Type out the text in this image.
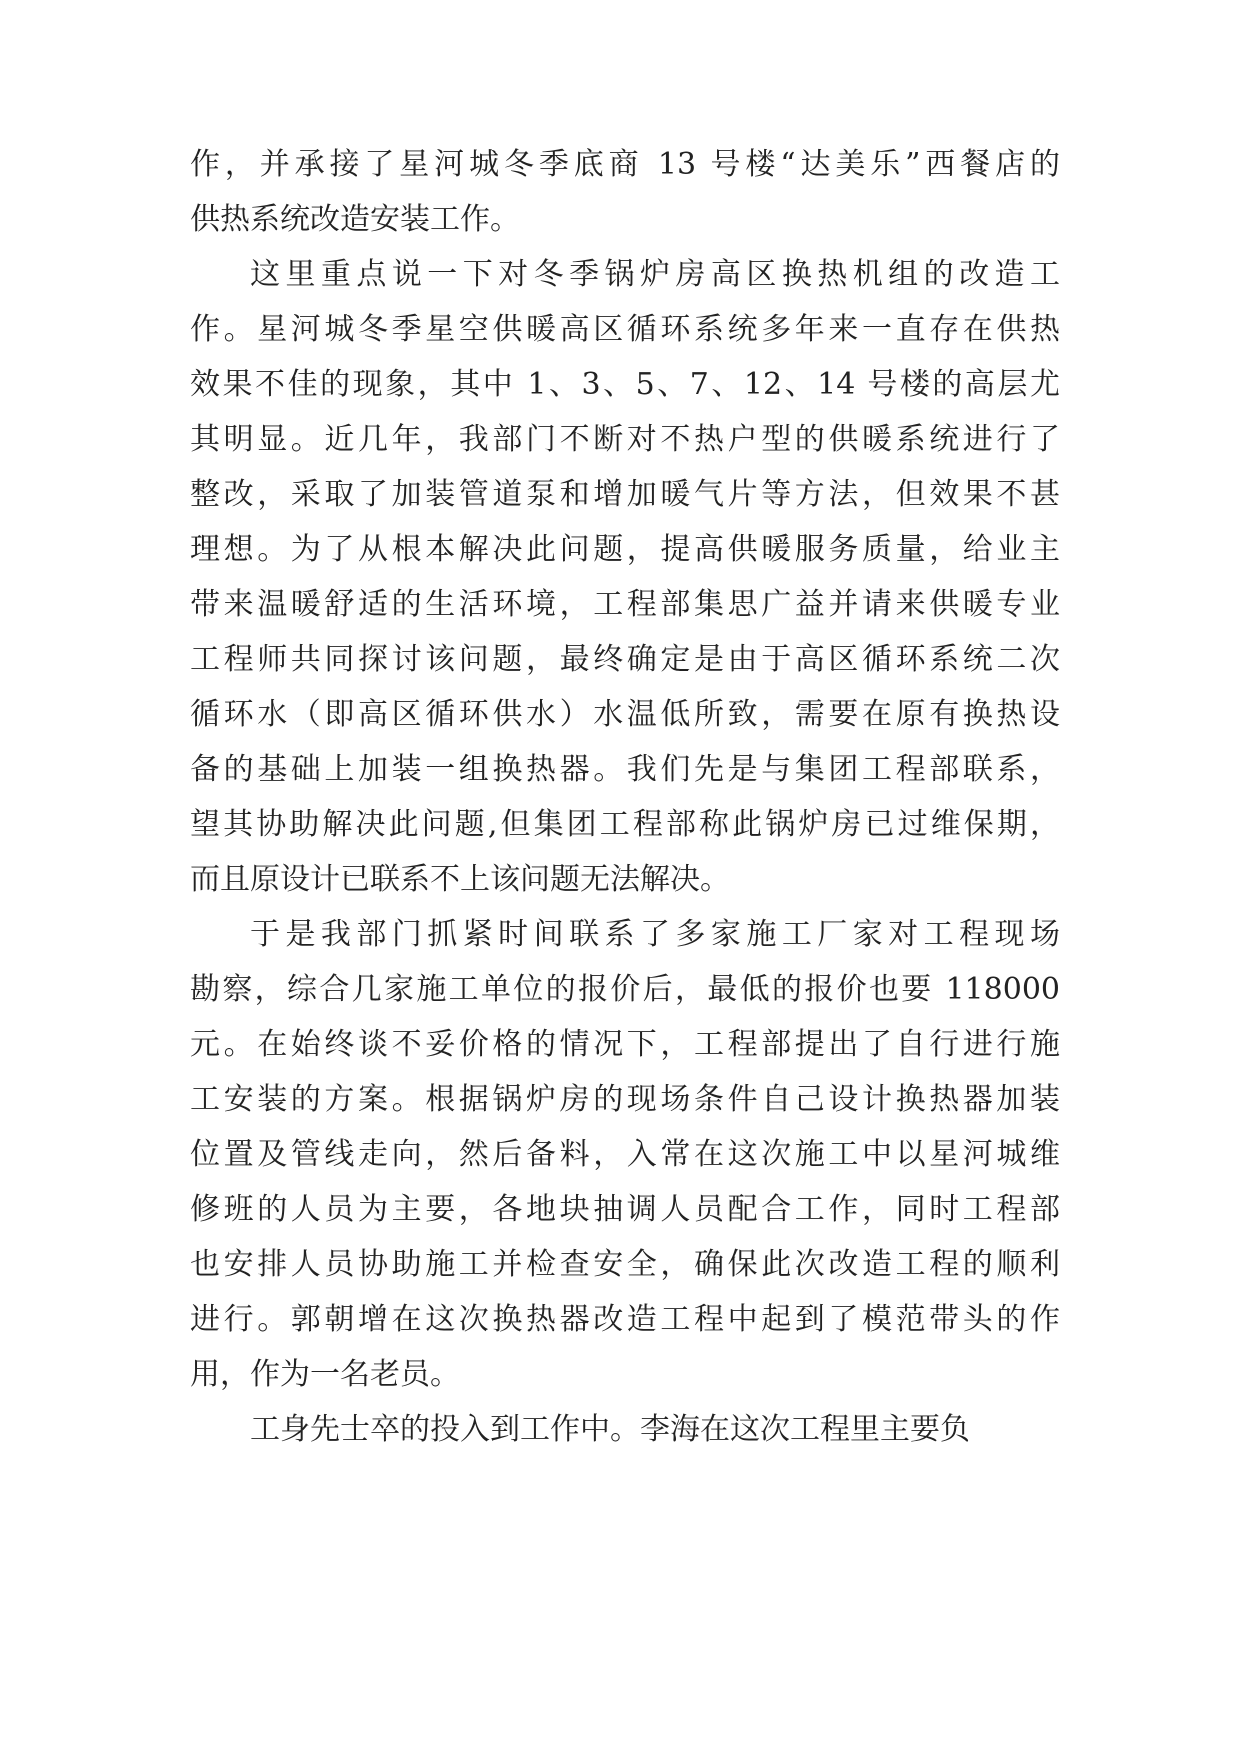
作，并承接了星河城冬季底商 13 号楼“达美乐”西餐店的
供热系统改造安装工作。
这里重点说一下对冬季锅炉房高区换热机组的改造工
作。星河城冬季星空供暖高区循环系统多年来一直存在供热
效果不佳的现象，其中 1、3、5、7、12、14 号楼的高层尤
其明显。近几年，我部门不断对不热户型的供暖系统进行了
整改，采取了加装管道泵和增加暖气片等方法，但效果不甚
理想。为了从根本解决此问题，提高供暖服务质量，给业主
带来温暖舒适的生活环境，工程部集思广益并请来供暖专业
工程师共同探讨该问题，最终确定是由于高区循环系统二次
循环水（即高区循环供水）水温低所致，需要在原有换热设
备的基础上加装一组换热器。我们先是与集团工程部联系，
望其协助解决此问题,但集团工程部称此锅炉房已过维保期，
而且原设计已联系不上该问题无法解决。
于是我部门抓紧时间联系了多家施工厂家对工程现场
勘察，综合几家施工单位的报价后，最低的报价也要 118000
元。在始终谈不妥价格的情况下，工程部提出了自行进行施
工安装的方案。根据锅炉房的现场条件自己设计换热器加装
位置及管线走向，然后备料，入常在这次施工中以星河城维
修班的人员为主要，各地块抽调人员配合工作，同时工程部
也安排人员协助施工并检查安全，确保此次改造工程的顺利
进行。郭朝增在这次换热器改造工程中起到了模范带头的作
用，作为一名老员。
工身先士卒的投入到工作中。李海在这次工程里主要负
